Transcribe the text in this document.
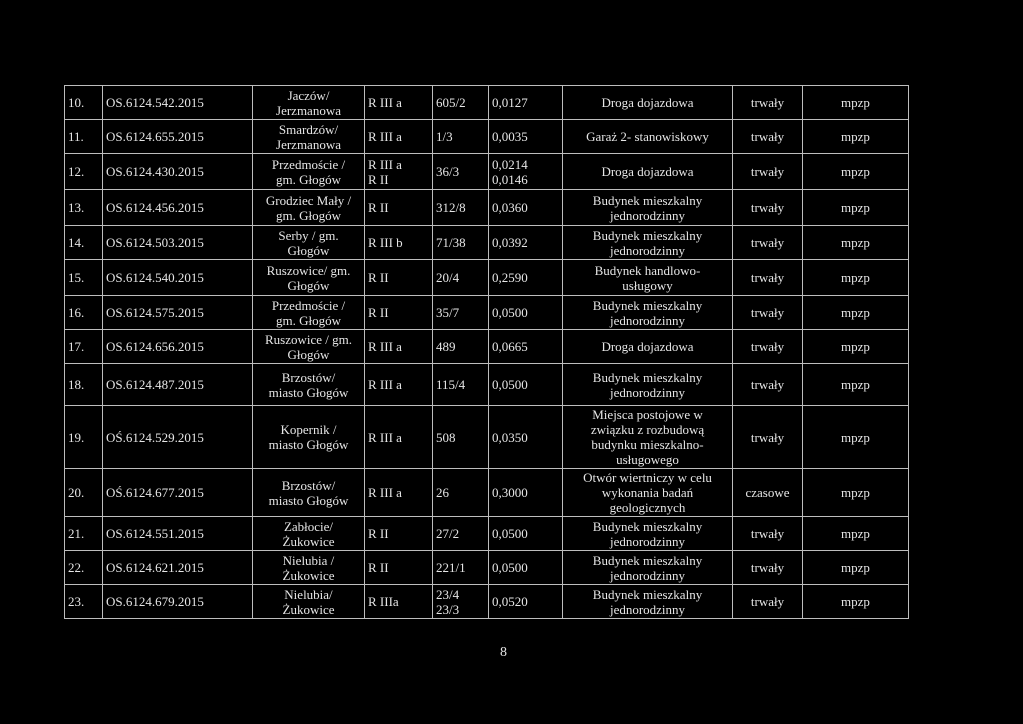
10.	OS.6124.542.2015	Jaczów/
Jerzmanowa	R III a	605/2	0,0127	Droga dojazdowa	trwały	mpzp
11.	OS.6124.655.2015	Smardzów/
Jerzmanowa	R III a	1/3	0,0035	Garaż 2- stanowiskowy	trwały	mpzp
12.	OS.6124.430.2015	Przedmoście /
gm. Głogów	R III a
R II	36/3	0,0214
0,0146	Droga dojazdowa	trwały	mpzp
13.	OS.6124.456.2015	Grodziec Mały /
gm. Głogów	R II	312/8	0,0360	Budynek mieszkalny
jednorodzinny	trwały	mpzp
14.	OS.6124.503.2015	Serby / gm.
Głogów	R III b	71/38	0,0392	Budynek mieszkalny
jednorodzinny	trwały	mpzp
15.	OS.6124.540.2015	Ruszowice/ gm.
Głogów	R II	20/4	0,2590	Budynek handlowo-
usługowy	trwały	mpzp
16.	OS.6124.575.2015	Przedmoście /
gm. Głogów	R II	35/7	0,0500	Budynek mieszkalny
jednorodzinny	trwały	mpzp
17.	OS.6124.656.2015	Ruszowice / gm.
Głogów	R III a	489	0,0665	Droga dojazdowa	trwały	mpzp
18.	OS.6124.487.2015	Brzostów/
miasto Głogów	R III a	115/4	0,0500	Budynek mieszkalny
jednorodzinny	trwały	mpzp
19.	OŚ.6124.529.2015	Kopernik /
miasto Głogów	R III a	508	0,0350	Miejsca postojowe w
związku z rozbudową
budynku mieszkalno-
usługowego	trwały	mpzp
20.	OŚ.6124.677.2015	Brzostów/
miasto Głogów	R III a	26	0,3000	Otwór wiertniczy w celu
wykonania badań
geologicznych	czasowe	mpzp
21.	OS.6124.551.2015	Zabłocie/
Żukowice	R II	27/2	0,0500	Budynek mieszkalny
jednorodzinny	trwały	mpzp
22.	OS.6124.621.2015	Nielubia /
Żukowice	R II	221/1	0,0500	Budynek mieszkalny
jednorodzinny	trwały	mpzp
23.	OS.6124.679.2015	Nielubia/
Żukowice	R IIIa	23/4
23/3	0,0520	Budynek mieszkalny
jednorodzinny	trwały	mpzp
8
